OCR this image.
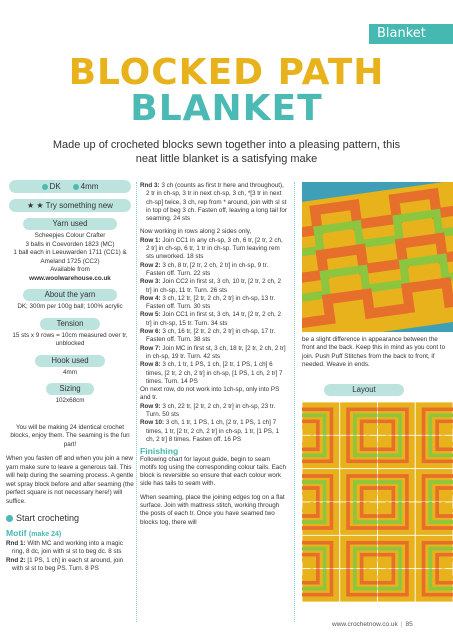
Blanket
BLOCKED PATH
BLANKET
Made up of crocheted blocks sewn together into a pleasing pattern, this neat little blanket is a satisfying make
DK	4mm
★ ★ Try something new
Yarn used
Scheepjes Colour Crafter
3 balls in Coevorden 1823 (MC)
1 ball each in Leeuwarden 1711 (CC1) &
Ameland 1725 (CC2)
Available from
www.woolwarehouse.co.uk
About the yarn
DK; 300m per 100g ball; 100% acrylic
Tension
15 sts x 9 rows = 10cm measured over tr, unblocked
Hook used
4mm
Sizing
102x68cm
You will be making 24 identical crochet blocks, enjoy them. The seaming is the fun part!
When you fasten off and when you join a new yarn make sure to leave a generous tail. This will help during the seaming process. A gentle wet spray block before and after seaming (the perfect square is not necessary here!) will suffice.
Start crocheting
Motif (make 24)
Rnd 1: With MC and working into a magic ring, 8 dc, join with sl st to beg dc. 8 sts
Rnd 2: [1 PS, 1 ch] in each st around, join with sl st to beg PS. Turn. 8 PS

Rnd 3: 3 ch (counts as first tr here and throughout), 2 tr in ch-sp, 3 tr in next ch-sp, 3 ch, *[3 tr in next ch-sp] twice, 3 ch, rep from * around, join with sl st in top of beg 3 ch. Fasten off, leaving a long tail for seaming. 24 sts

Now working in rows along 2 sides only,

Row 1: Join CC1 in any ch-sp, 3 ch, 6 tr, [2 tr, 2 ch, 2 tr] in ch-sp, 6 tr, 1 tr in ch-sp. Turn leaving rem sts unworked. 18 sts

Row 2: 3 ch, 8 tr, [2 tr, 2 ch, 2 tr] in ch-sp, 9 tr. Fasten off. Turn. 22 sts

Row 3: Join CC2 in first st, 3 ch, 10 tr, [2 tr, 2 ch, 2 tr] in ch-sp, 11 tr. Turn. 26 sts

Row 4: 3 ch, 12 tr, [2 tr, 2 ch, 2 tr] in ch-sp, 13 tr. Fasten off. Turn. 30 sts

Row 5: Join CC1 in first st, 3 ch, 14 tr, [2 tr, 2 ch, 2 tr] in ch-sp, 15 tr. Turn. 34 sts

Row 6: 3 ch, 16 tr, [2 tr, 2 ch, 2 tr] in ch-sp, 17 tr. Fasten off. Turn. 38 sts

Row 7: Join MC in first st, 3 ch, 18 tr, [2 tr, 2 ch, 2 tr] in ch-sp, 19 tr. Turn. 42 sts

Row 8: 3 ch, 1 tr, 1 PS, 1 ch, [2 tr, 1 PS, 1 ch] 6 times, [2 tr, 2 ch, 2 tr] in ch-sp, [1 PS, 1 ch, 2 tr] 7 times. Turn. 14 PS

On next row, do not work into 1ch-sp, only into PS and tr.

Row 9: 3 ch, 22 tr, [2 tr, 2 ch, 2 tr] in ch-sp, 23 tr. Turn. 50 sts

Row 10: 3 ch, 1 tr, 1 PS, 1 ch, [2 tr, 1 PS, 1 ch] 7 times, 1 tr, [2 tr, 2 ch, 2 tr] in ch-sp, 1 tr, [1 PS, 1 ch, 2 tr] 8 times. Fasten off. 16 PS

Finishing

Following chart for layout guide, begin to seam motifs tog using the corresponding colour tails. Each block is reversible so ensure that each colour work side has tails to seam with.

When seaming, place the joining edges tog on a flat surface. Join with mattress stitch, working through the posts of each tr. Once you have seamed two blocks tog, there will

be a slight difference in appearance between the front and the back. Keep this in mind as you cont to join. Push Puff Stitches from the back to front, if needed. Weave in ends.

Layout
www.crochetnow.co.uk | 85
